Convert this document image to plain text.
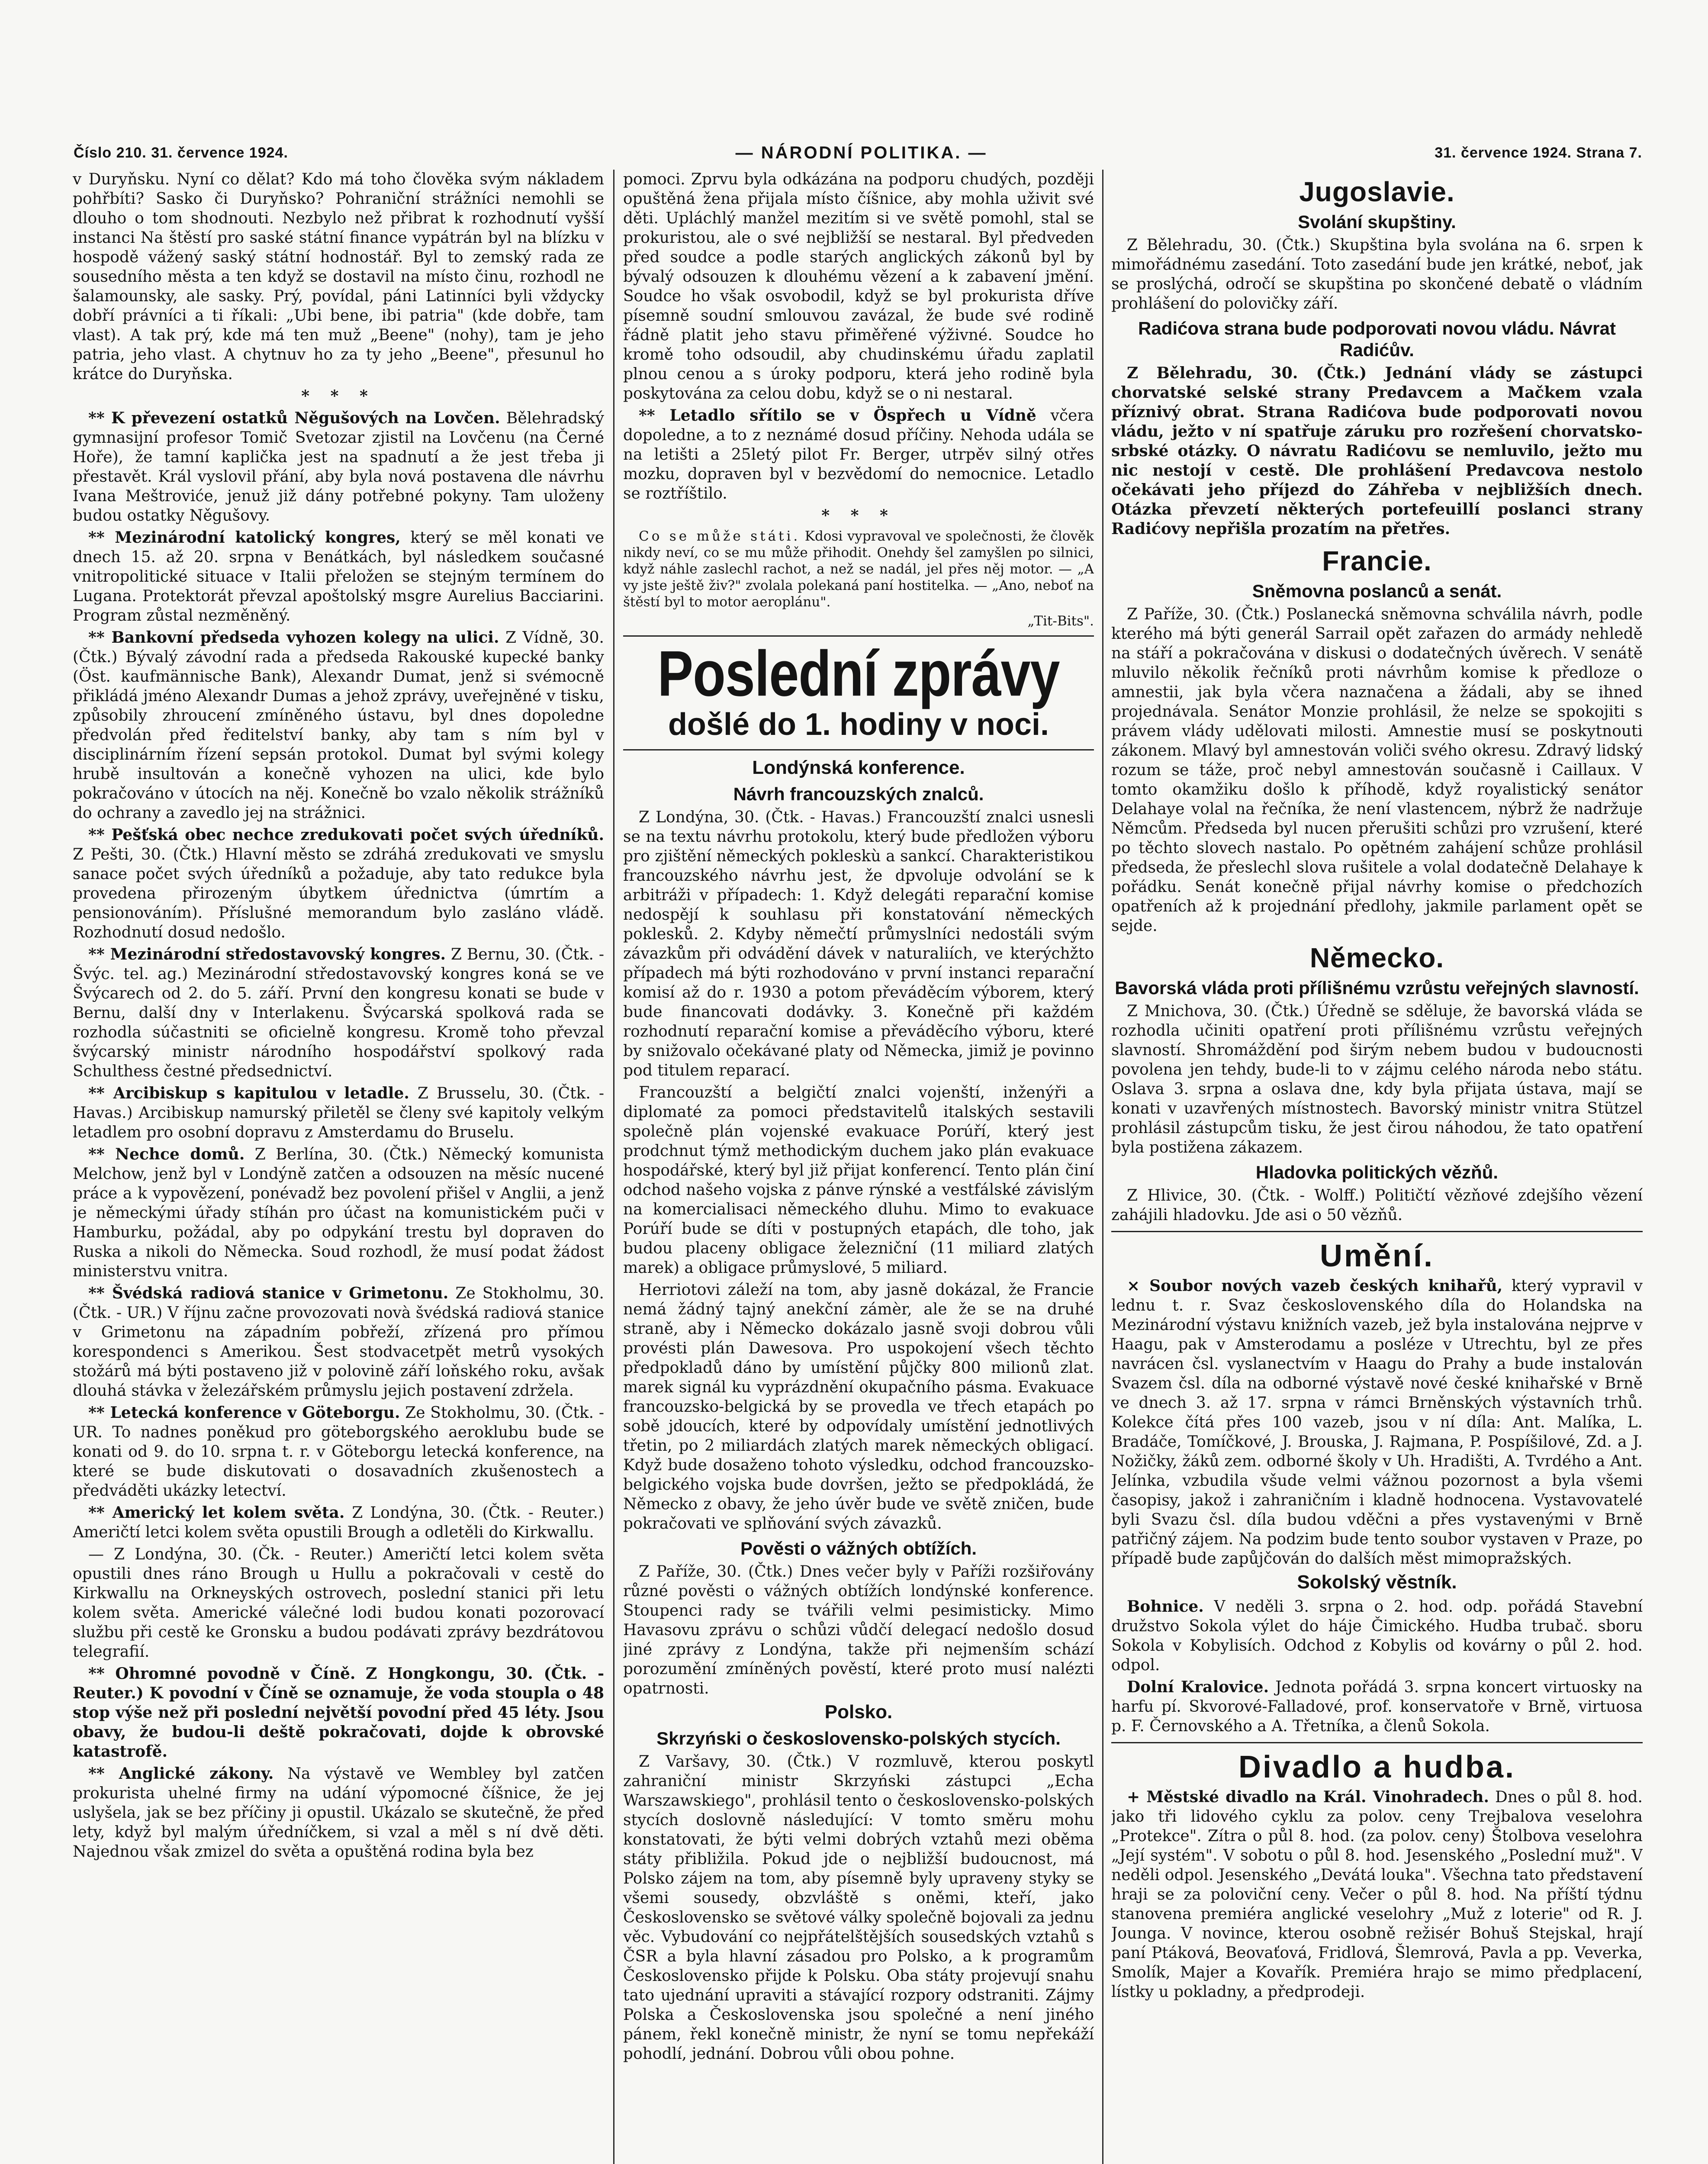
Číslo 210. 31. července 1924.	— NÁRODNÍ POLITIKA. —	31. července 1924. Strana 7.

v Duryňsku. Nyní co dělat? Kdo má toho člověka svým nákladem pohřbíti? Sasko či Duryňsko? Pohraniční strážníci nemohli se dlouho o tom shodnouti. Nezbylo než přibrat k rozhodnutí vyšší instanci Na štěstí pro saské státní finance vypátrán byl na blízku v hospodě vážený saský státní hodnostář. Byl to zemský rada ze sousedního města a ten když se dostavil na místo činu, rozhodl ne šalamounsky, ale sasky. Prý, povídal, páni Latinníci byli vždycky dobří právníci a ti říkali: „Ubi bene, ibi patria" (kde dobře, tam vlast). A tak prý, kde má ten muž „Beene" (nohy), tam je jeho patria, jeho vlast. A chytnuv ho za ty jeho „Beene", přesunul ho krátce do Duryňska.

* * *

** K převezení ostatků Něgušových na Lovčen. Bělehradský gymnasijní profesor Tomič Svetozar zjistil na Lovčenu (na Černé Hoře), že tamní kaplička jest na spadnutí a že jest třeba ji přestavět. Král vyslovil přání, aby byla nová postavena dle návrhu Ivana Meštroviće, jenuž již dány potřebné pokyny. Tam uloženy budou ostatky Něgušovy.

** Mezinárodní katolický kongres, který se měl konati ve dnech 15. až 20. srpna v Benátkách, byl následkem současné vnitropolitické situace v Italii přeložen se stejným termínem do Lugana. Protektorát převzal apoštolský msgre Aurelius Bacciarini. Program zůstal nezměněný.

** Bankovní předseda vyhozen kolegy na ulici. Z Vídně, 30. (Čtk.) Bývalý závodní rada a předseda Rakouské kupecké banky (Öst. kaufmännische Bank), Alexandr Dumat, jenž si svémocně přikládá jméno Alexandr Dumas a jehož zprávy, uveřejněné v tisku, způsobily zhroucení zmíněného ústavu, byl dnes dopoledne předvolán před ředitelství banky, aby tam s ním byl v disciplinárním řízení sepsán protokol. Dumat byl svými kolegy hrubě insultován a konečně vyhozen na ulici, kde bylo pokračováno v útocích na něj. Konečně bo vzalo několik strážníků do ochrany a zavedlo jej na strážnici.

** Pešťská obec nechce zredukovati počet svých úředníků. Z Pešti, 30. (Čtk.) Hlavní město se zdráhá zredukovati ve smyslu sanace počet svých úředníků a požaduje, aby tato redukce byla provedena přirozeným úbytkem úřednictva (úmrtím a pensionováním). Příslušné memorandum bylo zasláno vládě. Rozhodnutí dosud nedošlo.

** Mezinárodní středostavovský kongres. Z Bernu, 30. (Čtk. - Švýc. tel. ag.) Mezinárodní středostavovský kongres koná se ve Švýcarech od 2. do 5. září. První den kongresu konati se bude v Bernu, další dny v Interlakenu. Švýcarská spolková rada se rozhodla súčastniti se oficielně kongresu. Kromě toho převzal švýcarský ministr národního hospodářství spolkový rada Schulthess čestné předsednictví.

** Arcibiskup s kapitulou v letadle. Z Brusselu, 30. (Čtk. - Havas.) Arcibiskup namurský přiletěl se členy své kapitoly velkým letadlem pro osobní dopravu z Amsterdamu do Bruselu.

** Nechce domů. Z Berlína, 30. (Čtk.) Německý komunista Melchow, jenž byl v Londýně zatčen a odsouzen na měsíc nucené práce a k vypovězení, ponévadž bez povolení přišel v Anglii, a jenž je německými úřady stíhán pro účast na komunistickém puči v Hamburku, požádal, aby po odpykání trestu byl dopraven do Ruska a nikoli do Německa. Soud rozhodl, že musí podat žádost ministerstvu vnitra.

** Švédská radiová stanice v Grimetonu. Ze Stokholmu, 30. (Čtk. - UR.) V říjnu začne provozovati novà švédská radiová stanice v Grimetonu na západním pobřeží, zřízená pro přímou korespondenci s Amerikou. Šest stodvacetpět metrů vysokých stožárů má býti postaveno již v polovině září loňského roku, avšak dlouhá stávka v železářském průmyslu jejich postavení zdržela.

** Letecká konference v Göteborgu. Ze Stokholmu, 30. (Čtk. - UR. To nadnes poněkud pro göteborgského aeroklubu bude se konati od 9. do 10. srpna t. r. v Göteborgu letecká konference, na které se bude diskutovati o dosavadních zkušenostech a předváděti ukázky letectví.

** Americký let kolem světa. Z Londýna, 30. (Čtk. - Reuter.) Američtí letci kolem světa opustili Brough a odletěli do Kirkwallu.

— Z Londýna, 30. (Čk. - Reuter.) Američtí letci kolem světa opustili dnes ráno Brough u Hullu a pokračovali v cestě do Kirkwallu na Orkneyských ostrovech, poslední stanici při letu kolem světa. Americké válečné lodi budou konati pozorovací službu při cestě ke Gronsku a budou podávati zprávy bezdrátovou telegrafií.

** Ohromné povodně v Číně. Z Hongkongu, 30. (Čtk. - Reuter.) K povodní v Číně se oznamuje, že voda stoupla o 48 stop výše než při poslední největší povodní před 45 léty. Jsou obavy, že budou-li deště pokračovati, dojde k obrovské katastrofě.

** Anglické zákony. Na výstavě ve Wembley byl zatčen prokurista uhelné firmy na udání výpomocné číšnice, že jej uslyšela, jak se bez příčiny ji opustil. Ukázalo se skutečně, že před lety, když byl malým úředníčkem, si vzal a měl s ní dvě děti. Najednou však zmizel do světa a opuštěná rodina byla bez

pomoci. Zprvu byla odkázána na podporu chudých, později opuštěná žena přijala místo číšnice, aby mohla uživit své děti. Upláchlý manžel mezitím si ve světě pomohl, stal se prokuristou, ale o své nejbližší se nestaral. Byl předveden před soudce a podle starých anglických zákonů byl by bývalý odsouzen k dlouhému vězení a k zabavení jmění. Soudce ho však osvobodil, když se byl prokurista dříve písemně soudní smlouvou zavázal, že bude své rodině řádně platit jeho stavu přiměřené výživné. Soudce ho kromě toho odsoudil, aby chudinskému úřadu zaplatil plnou cenou a s úroky podporu, která jeho rodině byla poskytována za celou dobu, když se o ni nestaral.

** Letadlo sřítilo se v Öspřech u Vídně včera dopoledne, a to z neznámé dosud příčiny. Nehoda udála se na letišti a 25letý pilot Fr. Berger, utrpěv silný otřes mozku, dopraven byl v bezvědomí do nemocnice. Letadlo se roztříštilo.

* * *

Co se může státi. Kdosi vypravoval ve společnosti, že člověk nikdy neví, co se mu může přihodit. Onehdy šel zamyšlen po silnici, když náhle zaslechl rachot, a než se nadál, jel přes něj motor. — „A vy jste ještě živ?" zvolala polekaná paní hostitelka. — „Ano, neboť na štěstí byl to motor aeroplánu".

„Tit-Bits".

Poslední zprávy
došlé do 1. hodiny v noci.
Londýnská konference.
Návrh francouzských znalců.

Z Londýna, 30. (Čtk. - Havas.) Francouzští znalci usnesli se na textu návrhu protokolu, který bude předložen výboru pro zjištění německých pokleskù a sankcí. Charakteristikou francouzského návrhu jest, že dpvoluje odvolání se k arbitráži v případech: 1. Když delegáti reparační komise nedospějí k souhlasu při konstatování německých poklesků. 2. Kdyby němečtí průmyslníci nedostáli svým závazkům při odvádění dávek v naturaliích, ve kterýchžto případech má býti rozhodováno v první instanci reparační komisí až do r. 1930 a potom převáděcím výborem, který bude financovati dodávky. 3. Konečně při každém rozhodnutí reparační komise a převáděcího výboru, které by snižovalo očekávané platy od Německa, jimiž je povinno pod titulem reparací.

Francouzští a belgičtí znalci vojenští, inženýři a diplomaté za pomoci představitelů italských sestavili společně plán vojenské evakuace Porúří, který jest prodchnut týmž methodickým duchem jako plán evakuace hospodářské, který byl již přijat konferencí. Tento plán činí odchod našeho vojska z pánve rýnské a vestfálské závislým na komercialisaci německého dluhu. Mimo to evakuace Porúří bude se díti v postupných etapách, dle toho, jak budou placeny obligace železniční (11 miliard zlatých marek) a obligace průmyslové, 5 miliard.

Herriotovi záleží na tom, aby jasně dokázal, že Francie nemá žádný tajný anekční zámèr, ale že se na druhé straně, aby i Německo dokázalo jasně svoji dobrou vůli provésti plán Dawesova. Pro uspokojení všech těchto předpokladů dáno by umístění půjčky 800 milionů zlat. marek signál ku vyprázdnění okupačního pásma. Evakuace francouzsko-belgická by se provedla ve třech etapách po sobě jdoucích, které by odpovídaly umístění jednotlivých třetin, po 2 miliardách zlatých marek německých obligací. Když bude dosaženo tohoto výsledku, odchod francouzsko-belgického vojska bude dovršen, ježto se předpokládá, že Německo z obavy, že jeho úvěr bude ve světě zničen, bude pokračovati ve splňování svých závazků.

Pověsti o vážných obtížích.

Z Paříže, 30. (Čtk.) Dnes večer byly v Paříži rozšiřovány různé pověsti o vážných obtížích londýnské konference. Stoupenci rady se tvářili velmi pesimisticky. Mimo Havasovu zprávu o schůzi vůdčí delegací nedošlo dosud jiné zprávy z Londýna, takže při nejmenším schází porozumění zmíněných pověstí, které proto musí nalézti opatrnosti.

Polsko.
Skrzyński o československo-polských stycích.

Z Varšavy, 30. (Čtk.) V rozmluvě, kterou poskytl zahraniční ministr Skrzyński zástupci „Echa Warszawskiego", prohlásil tento o československo-polských stycích doslovně následující: V tomto směru mohu konstatovati, že býti velmi dobrých vztahů mezi oběma státy přibližila. Pokud jde o nejbližší budoucnost, má Polsko zájem na tom, aby písemně byly upraveny styky se všemi sousedy, obzvláště s oněmi, kteří, jako Československo se světové války společně bojovali za jednu věc. Vybudování co nejpřátelštějších sousedských vztahů s ČSR a byla hlavní zásadou pro Polsko, a k programům Československo přijde k Polsku. Oba státy projevují snahu tato ujednání upraviti a stávající rozpory odstraniti. Zájmy Polska a Československa jsou společné a není jiného pánem, řekl konečně ministr, že nyní se tomu nepřekáží pohodlí, jednání. Dobrou vůli obou pohne.

Jugoslavie.
Svolání skupštiny.

Z Bělehradu, 30. (Čtk.) Skupština byla svolána na 6. srpen k mimořádnému zasedání. Toto zasedání bude jen krátké, neboť, jak se proslýchá, odročí se skupština po skončené debatě o vládním prohlášení do polovičky září.

Radićova strana bude podporovati novou vládu. Návrat Radićův.

Z Bělehradu, 30. (Čtk.) Jednání vlády se zástupci chorvatské selské strany Predavcem a Mačkem vzala příznivý obrat. Strana Radićova bude podporovati novou vládu, ježto v ní spatřuje záruku pro rozřešení chorvatsko-srbské otázky. O návratu Radićovu se nemluvilo, ježto mu nic nestojí v cestě. Dle prohlášení Predavcova nestolo očekávati jeho příjezd do Záhřeba v nejbližších dnech. Otázka převzetí některých portefeuillí poslanci strany Radićovy nepřišla prozatím na přetřes.

Francie.
Sněmovna poslanců a senát.

Z Paříže, 30. (Čtk.) Poslanecká sněmovna schválila návrh, podle kterého má býti generál Sarrail opět zařazen do armády nehledě na stáří a pokračována v diskusi o dodatečných úvěrech. V senátě mluvilo několik řečníků proti návrhům komise k předloze o amnestii, jak byla včera naznačena a žádali, aby se ihned projednávala. Senátor Monzie prohlásil, že nelze se spokojiti s právem vlády udělovati milosti. Amnestie musí se poskytnouti zákonem. Mlavý byl amnestován voliči svého okresu. Zdravý lidský rozum se táže, proč nebyl amnestován současně i Caillaux. V tomto okamžiku došlo k příhodě, když royalistický senátor Delahaye volal na řečníka, že není vlastencem, nýbrž že nadržuje Němcům. Předseda byl nucen přerušiti schůzi pro vzrušení, které po těchto slovech nastalo. Po opětném zahájení schůze prohlásil předseda, že přeslechl slova rušitele a volal dodatečně Delahaye k pořádku. Senát konečně přijal návrhy komise o předchozích opatřeních až k projednání předlohy, jakmile parlament opět se sejde.

Německo.
Bavorská vláda proti přílišnému vzrůstu veřejných slavností.

Z Mnichova, 30. (Čtk.) Úředně se sděluje, že bavorská vláda se rozhodla učiniti opatření proti přílišnému vzrůstu veřejných slavností. Shromáždění pod širým nebem budou v budoucnosti povolena jen tehdy, bude-li to v zájmu celého národa nebo státu. Oslava 3. srpna a oslava dne, kdy byla přijata ústava, mají se konati v uzavřených místnostech. Bavorský ministr vnitra Stützel prohlásil zástupcům tisku, že jest čirou náhodou, že tato opatření byla postižena zákazem.

Hladovka politických vězňů.

Z Hlivice, 30. (Čtk. - Wolff.) Političtí vězňové zdejšího vězení zahájili hladovku. Jde asi o 50 vězňů.

Umění.

× Soubor nových vazeb českých knihařů, který vypravil v lednu t. r. Svaz československého díla do Holandska na Mezinárodní výstavu knižních vazeb, jež byla instalována nejprve v Haagu, pak v Amsterodamu a posléze v Utrechtu, byl ze přes navrácen čsl. vyslanectvím v Haagu do Prahy a bude instalován Svazem čsl. díla na odborné výstavě nové české knihařské v Brně ve dnech 3. až 17. srpna v rámci Brněnských výstavních trhů. Kolekce čítá přes 100 vazeb, jsou v ní díla: Ant. Malíka, L. Bradáče, Tomíčkové, J. Brouska, J. Rajmana, P. Pospíšilové, Zd. a J. Nožičky, žáků zem. odborné školy v Uh. Hradišti, A. Tvrdého a Ant. Jelínka, vzbudila všude velmi vážnou pozornost a byla všemi časopisy, jakož i zahraničním i kladně hodnocena. Vystavovatelé byli Svazu čsl. díla budou vděčni a přes vystavenými v Brně patřičný zájem. Na podzim bude tento soubor vystaven v Praze, po případě bude zapůjčován do dalších měst mimopražských.

Sokolský věstník.

Bohnice. V neděli 3. srpna o 2. hod. odp. pořádá Stavební družstvo Sokola výlet do háje Čimického. Hudba trubač. sboru Sokola v Kobylisích. Odchod z Kobylis od kovárny o půl 2. hod. odpol.

Dolní Kralovice. Jednota pořádá 3. srpna koncert virtuosky na harfu pí. Skvorové-Falladové, prof. konservatoře v Brně, virtuosa p. F. Černovského a A. Třetníka, a členů Sokola.

Divadlo a hudba.

+ Městské divadlo na Král. Vinohradech. Dnes o půl 8. hod. jako tři lidového cyklu za polov. ceny Trejbalova veselohra „Protekce". Zítra o půl 8. hod. (za polov. ceny) Štolbova veselohra „Její systém". V sobotu o půl 8. hod. Jesenského „Poslední muž". V neděli odpol. Jesenského „Devátá louka". Všechna tato představení hraji se za poloviční ceny. Večer o půl 8. hod. Na příští týdnu stanovena premiéra anglické veselohry „Muž z loterie" od R. J. Jounga. V novince, kterou osobně režisér Bohuš Stejskal, hrají paní Ptáková, Beovaťová, Fridlová, Šlemrová, Pavla a pp. Veverka, Smolík, Majer a Kovařík. Premiéra hrajo se mimo předplacení, lístky u pokladny, a předprodeji.
